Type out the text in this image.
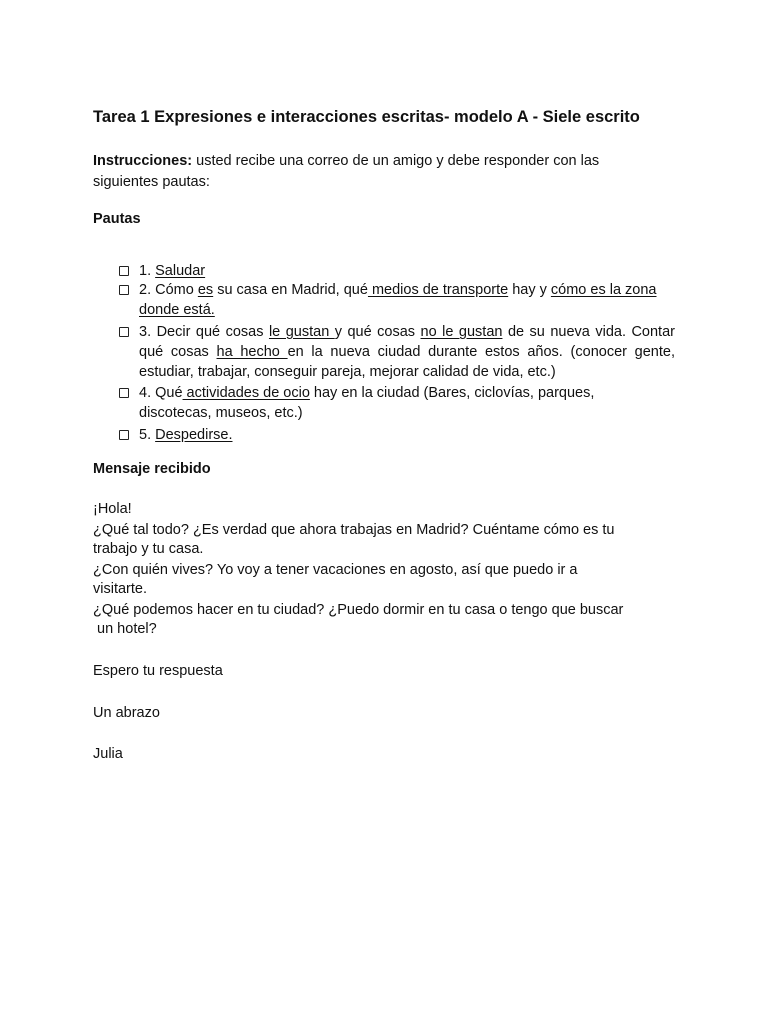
Tarea 1 Expresiones e interacciones escritas- modelo A - Siele escrito
Instrucciones: usted recibe una correo de un amigo y debe responder con las
siguientes pautas:
Pautas
1. Saludar
2. Cómo es su casa en Madrid, qué medios de transporte hay y cómo es la zona donde está.
3. Decir qué cosas le gustan y qué cosas no le gustan de su nueva vida. Contar qué cosas ha hecho en la nueva ciudad durante estos años. (conocer gente, estudiar, trabajar, conseguir pareja, mejorar calidad de vida, etc.)
4. Qué actividades de ocio hay en la ciudad (Bares, ciclovías, parques, discotecas, museos, etc.)
5. Despedirse.
Mensaje recibido
¡Hola!
¿Qué tal todo? ¿Es verdad que ahora trabajas en Madrid? Cuéntame cómo es tu
trabajo y tu casa.
¿Con quién vives? Yo voy a tener vacaciones en agosto, así que puedo ir a
visitarte.
¿Qué podemos hacer en tu ciudad? ¿Puedo dormir en tu casa o tengo que buscar
un hotel?
Espero tu respuesta
Un abrazo
Julia
